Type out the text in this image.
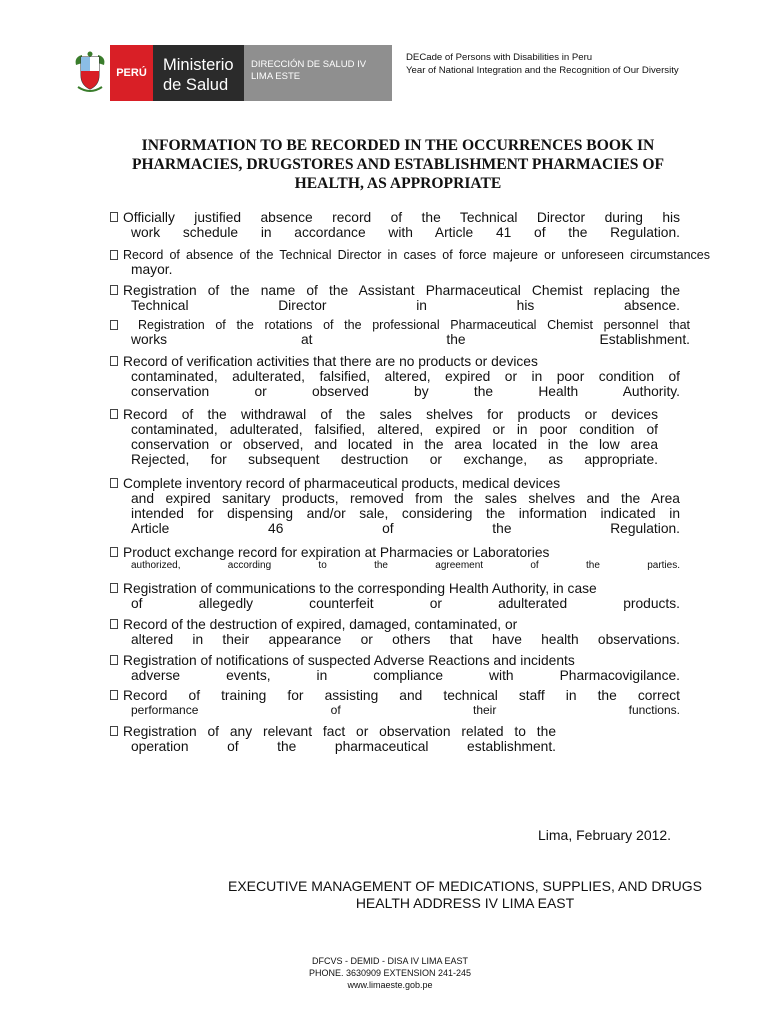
PERÚ Ministerio
de Salud
DIRECCIÓN DE SALUD IV
LIMA ESTE
DECade of Persons with Disabilities in Peru
Year of National Integration and the Recognition of Our Diversity
INFORMATION TO BE RECORDED IN THE OCCURRENCES BOOK IN
PHARMACIES, DRUGSTORES AND ESTABLISHMENT PHARMACIES OF
HEALTH, AS APPROPRIATE
Officially justified absence record of the Technical Director during his
work schedule in accordance with Article 41 of the Regulation.
Record of absence of the Technical Director in cases of force majeure or unforeseen circumstances
mayor.
Registration of the name of the Assistant Pharmaceutical Chemist replacing the
Technical Director in his absence.
Registration of the rotations of the professional Pharmaceutical Chemist personnel that
works at the Establishment.
Record of verification activities that there are no products or devices
contaminated, adulterated, falsified, altered, expired or in poor condition of
conservation or observed by the Health Authority.
Record of the withdrawal of the sales shelves for products or devices
contaminated, adulterated, falsified, altered, expired or in poor condition of
conservation or observed, and located in the area located in the low area
Rejected, for subsequent destruction or exchange, as appropriate.
Complete inventory record of pharmaceutical products, medical devices
and expired sanitary products, removed from the sales shelves and the Area
intended for dispensing and/or sale, considering the information indicated in
Article 46 of the Regulation.
Product exchange record for expiration at Pharmacies or Laboratories
authorized, according to the agreement of the parties.
Registration of communications to the corresponding Health Authority, in case
of allegedly counterfeit or adulterated products.
Record of the destruction of expired, damaged, contaminated, or
altered in their appearance or others that have health observations.
Registration of notifications of suspected Adverse Reactions and incidents
adverse events, in compliance with Pharmacovigilance.
Record of training for assisting and technical staff in the correct
performance of their functions.
Registration of any relevant fact or observation related to the
operation of the pharmaceutical establishment.
Lima, February 2012.
EXECUTIVE MANAGEMENT OF MEDICATIONS, SUPPLIES, AND DRUGS
HEALTH ADDRESS IV LIMA EAST
DFCVS - DEMID - DISA IV LIMA EAST
PHONE. 3630909 EXTENSION 241-245
www.limaeste.gob.pe
